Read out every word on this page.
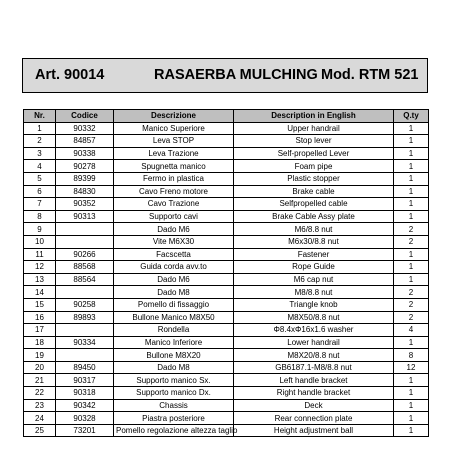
Art. 90014	RASAERBA MULCHING Mod. RTM 521
Nr.	Codice	Descrizione	Description in English	Q.ty
1	90332	Manico Superiore	Upper handrail	1
2	84857	Leva STOP	Stop lever	1
3	90338	Leva Trazione	Self-propelled Lever	1
4	90278	Spugnetta manico	Foam pipe	1
5	89399	Fermo in plastica	Plastic stopper	1
6	84830	Cavo Freno motore	Brake cable	1
7	90352	Cavo Trazione	Selfpropelled cable	1
8	90313	Supporto cavi	Brake Cable Assy plate	1
9		Dado M6	M6/8.8 nut	2
10		Vite M6X30	M6x30/8.8 nut	2
11	90266	Facscetta	Fastener	1
12	88568	Guida corda avv.to	Rope Guide	1
13	88564	Dado M6	M6 cap nut	1
14		Dado M8	M8/8.8 nut	2
15	90258	Pomello di fissaggio	Triangle knob	2
16	89893	Bullone Manico M8X50	M8X50/8.8 nut	2
17		Rondella	Φ8.4xΦ16x1.6 washer	4
18	90334	Manico Inferiore	Lower handrail	1
19		Bullone M8X20	M8X20/8.8 nut	8
20	89450	Dado M8	GB6187.1-M8/8.8 nut	12
21	90317	Supporto manico Sx.	Left handle bracket	1
22	90318	Supporto manico Dx.	Right handle bracket	1
23	90342	Chassis	Deck	1
24	90328	Piastra posteriore	Rear connection plate	1
25	73201	Pomello regolazione altezza taglio	Height adjustment ball	1
